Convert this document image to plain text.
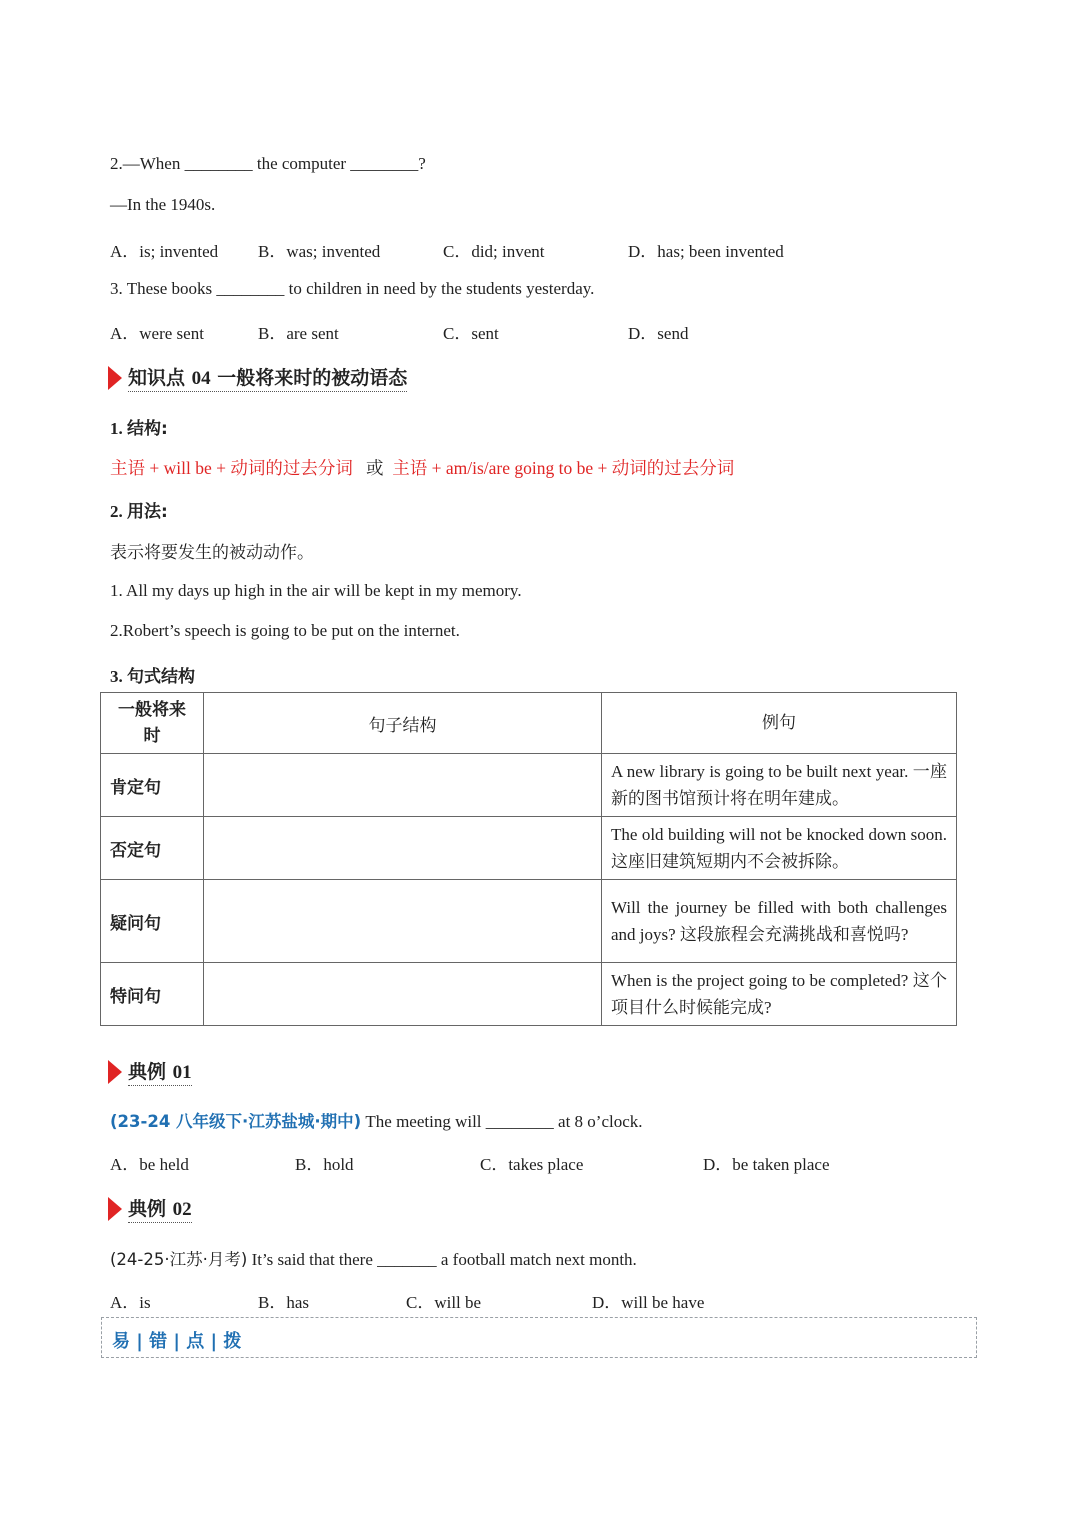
2.—When ________ the computer ________?
—In the 1940s.
A．is; invented B．was; invented	C．did; invent	D．has; been invented
3. These books ________ to children in need by the students yesterday.
A．were sent	B．are sent	C．sent	D．send
知识点 04 一般将来时的被动语态
1. 结构:
主语 + will be + 动词的过去分词 或 主语 + am/is/are going to be + 动词的过去分词
2. 用法:
表示将要发生的被动动作。
1. All my days up high in the air will be kept in my memory.
2.Robert’s speech is going to be put on the internet.
3. 句式结构
一般将来时	句子结构	例句
肯定句		A new library is going to be built next year. 一座新的图书馆预计将在明年建成。
否定句		The old building will not be knocked down soon. 这座旧建筑短期内不会被拆除。
疑问句		Will the journey be filled with both challenges and joys? 这段旅程会充满挑战和喜悦吗?
特问句		When is the project going to be completed? 这个项目什么时候能完成?
典例 01
(23-24 八年级下·江苏盐城·期中) The meeting will ________ at 8 o’clock.
A．be held	B．hold	C．takes place	D．be taken place
典例 02
(24-25·江苏·月考) It’s said that there _______ a football match next month.
A．is	B．has	C．will be	D．will be have
易 | 错 | 点 | 拨
